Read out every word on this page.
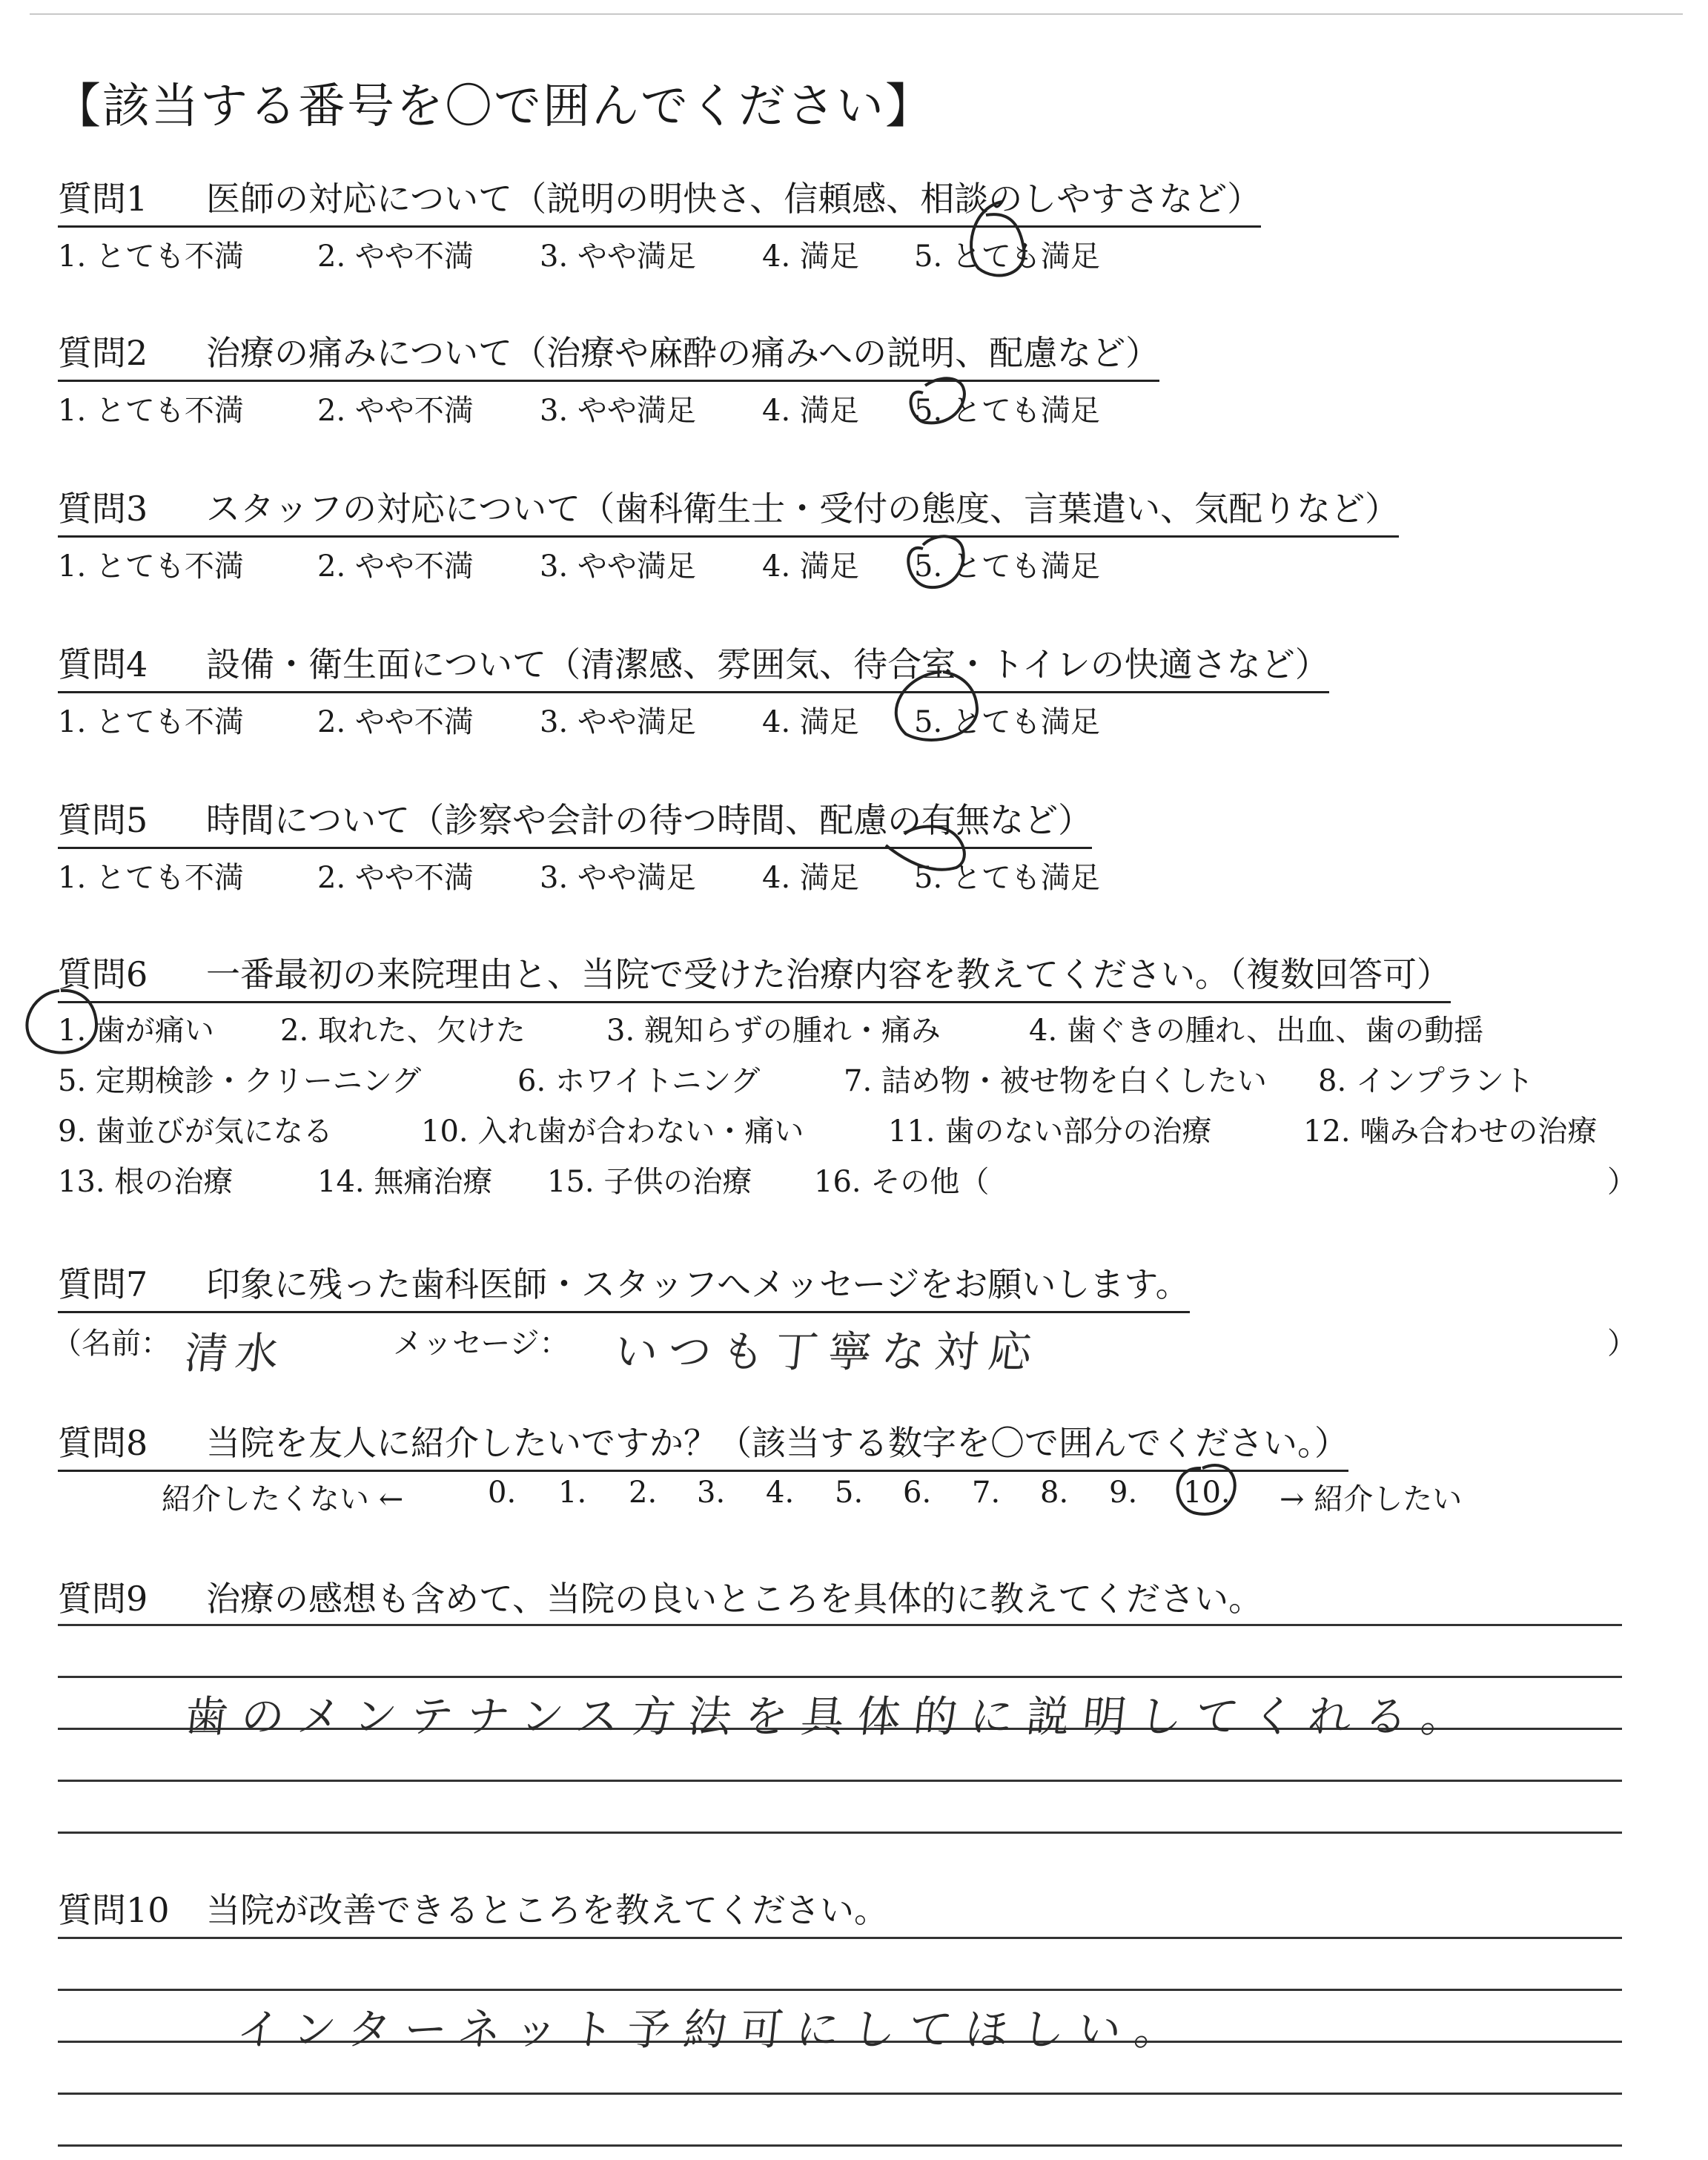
【該当する番号を〇で囲んでください】
質問1 医師の対応について（説明の明快さ、信頼感、相談のしやすさなど）
1. とても不満 2. やや不満 3. やや満足 4. 満足 5. とても満足
質問2 治療の痛みについて（治療や麻酔の痛みへの説明、配慮など）
1. とても不満 2. やや不満 3. やや満足 4. 満足 5. とても満足
質問3 スタッフの対応について（歯科衛生士・受付の態度、言葉遣い、気配りなど）
1. とても不満 2. やや不満 3. やや満足 4. 満足 5. とても満足
質問4 設備・衛生面について（清潔感、雰囲気、待合室・トイレの快適さなど）
1. とても不満 2. やや不満 3. やや満足 4. 満足 5. とても満足
質問5 時間について（診察や会計の待つ時間、配慮の有無など）
1. とても不満 2. やや不満 3. やや満足 4. 満足 5. とても満足
質問6 一番最初の来院理由と、当院で受けた治療内容を教えてください。（複数回答可）
1. 歯が痛い 2. 取れた、欠けた	3. 親知らずの腫れ・痛み	4. 歯ぐきの腫れ、出血、歯の動揺
5. 定期検診・クリーニング	6. ホワイトニング	7. 詰め物・被せ物を白くしたい 8. インプラント
9. 歯並びが気になる	10. 入れ歯が合わない・痛い	11. 歯のない部分の治療	12. 噛み合わせの治療
13. 根の治療	14. 無痛治療 15. 子供の治療 16. その他（	）
質問7 印象に残った歯科医師・スタッフへメッセージをお願いします。
（名前： 清水	メッセージ： いつも丁寧な対応	）
質問8 当院を友人に紹介したいですか？（該当する数字を〇で囲んでください。）
紹介したくない ←	0. 1. 2. 3. 4. 5. 6. 7. 8. 9. 10. → 紹介したい
質問9 治療の感想も含めて、当院の良いところを具体的に教えてください。
歯のメンテナンス方法を具体的に説明してくれる。
質問10 当院が改善できるところを教えてください。
インターネット予約可にしてほしい。
